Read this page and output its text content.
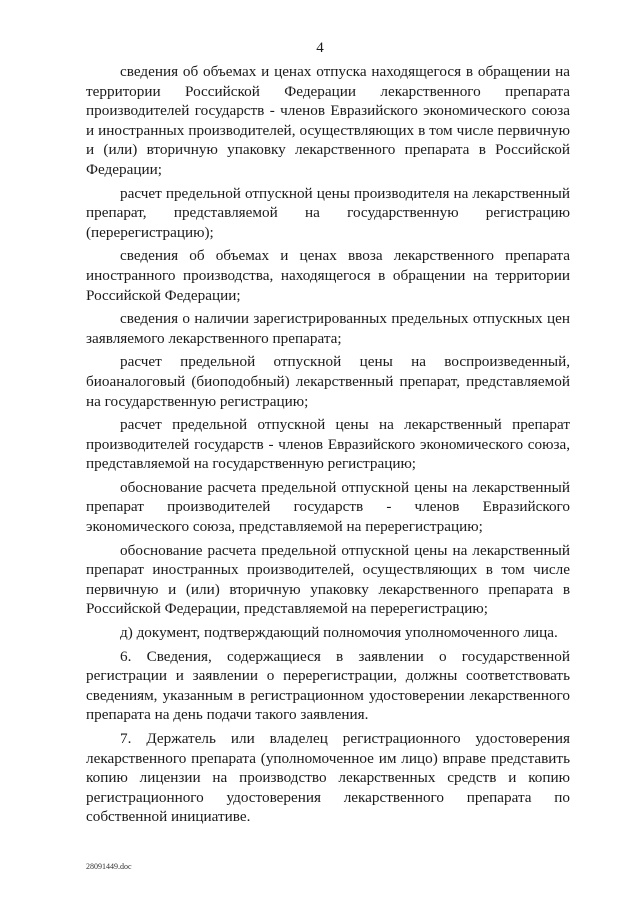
4

сведения об объемах и ценах отпуска находящегося в обращении на территории Российской Федерации лекарственного препарата производителей государств - членов Евразийского экономического союза и иностранных производителей, осуществляющих в том числе первичную и (или) вторичную упаковку лекарственного препарата в Российской Федерации;

расчет предельной отпускной цены производителя на лекарственный препарат, представляемой на государственную регистрацию (перерегистрацию);

сведения об объемах и ценах ввоза лекарственного препарата иностранного производства, находящегося в обращении на территории Российской Федерации;

сведения о наличии зарегистрированных предельных отпускных цен заявляемого лекарственного препарата;

расчет предельной отпускной цены на воспроизведенный, биоаналоговый (биоподобный) лекарственный препарат, представляемой на государственную регистрацию;

расчет предельной отпускной цены на лекарственный препарат производителей государств - членов Евразийского экономического союза, представляемой на государственную регистрацию;

обоснование расчета предельной отпускной цены на лекарственный препарат производителей государств - членов Евразийского экономического союза, представляемой на перерегистрацию;

обоснование расчета предельной отпускной цены на лекарственный препарат иностранных производителей, осуществляющих в том числе первичную и (или) вторичную упаковку лекарственного препарата в Российской Федерации, представляемой на перерегистрацию;

д) документ, подтверждающий полномочия уполномоченного лица.

6. Сведения, содержащиеся в заявлении о государственной регистрации и заявлении о перерегистрации, должны соответствовать сведениям, указанным в регистрационном удостоверении лекарственного препарата на день подачи такого заявления.

7. Держатель или владелец регистрационного удостоверения лекарственного препарата (уполномоченное им лицо) вправе представить копию лицензии на производство лекарственных средств и копию регистрационного удостоверения лекарственного препарата по собственной инициативе.

28091449.doc
